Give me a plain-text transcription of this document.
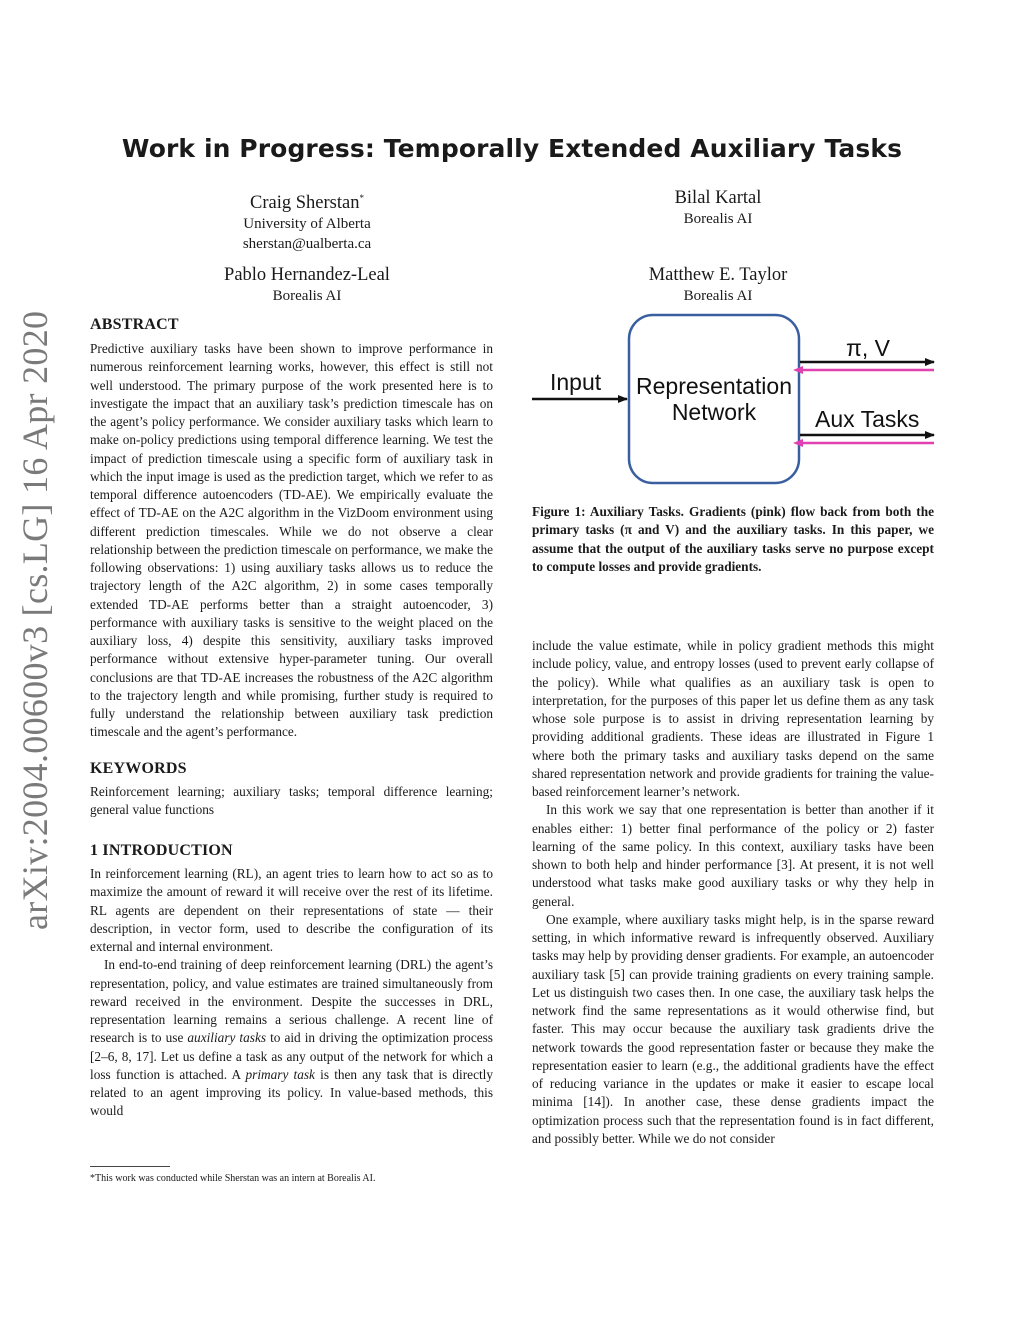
arXiv:2004.00600v3 [cs.LG] 16 Apr 2020
Work in Progress: Temporally Extended Auxiliary Tasks
Craig Sherstan*
University of Alberta
sherstan@ualberta.ca
Bilal Kartal
Borealis AI
Pablo Hernandez-Leal
Borealis AI
Matthew E. Taylor
Borealis AI
ABSTRACT

Predictive auxiliary tasks have been shown to improve performance in numerous reinforcement learning works, however, this effect is still not well understood. The primary purpose of the work presented here is to investigate the impact that an auxiliary task’s prediction timescale has on the agent’s policy performance. We consider auxiliary tasks which learn to make on-policy predictions using temporal difference learning. We test the impact of prediction timescale using a specific form of auxiliary task in which the input image is used as the prediction target, which we refer to as temporal difference autoencoders (TD-AE). We empirically evaluate the effect of TD-AE on the A2C algorithm in the VizDoom environment using different prediction timescales. While we do not observe a clear relationship between the prediction timescale on performance, we make the following observations: 1) using auxiliary tasks allows us to reduce the trajectory length of the A2C algorithm, 2) in some cases temporally extended TD-AE performs better than a straight autoencoder, 3) performance with auxiliary tasks is sensitive to the weight placed on the auxiliary loss, 4) despite this sensitivity, auxiliary tasks improved performance without extensive hyper-parameter tuning. Our overall conclusions are that TD-AE increases the robustness of the A2C algorithm to the trajectory length and while promising, further study is required to fully understand the relationship between auxiliary task prediction timescale and the agent’s performance.

KEYWORDS

Reinforcement learning; auxiliary tasks; temporal difference learning; general value functions

1 INTRODUCTION

In reinforcement learning (RL), an agent tries to learn how to act so as to maximize the amount of reward it will receive over the rest of its lifetime. RL agents are dependent on their representations of state — their description, in vector form, used to describe the configuration of its external and internal environment.

In end-to-end training of deep reinforcement learning (DRL) the agent’s representation, policy, and value estimates are trained simultaneously from reward received in the environment. Despite the successes in DRL, representation learning remains a serious challenge. A recent line of research is to use auxiliary tasks to aid in driving the optimization process [2–6, 8, 17]. Let us define a task as any output of the network for which a loss function is attached. A primary task is then any task that is directly related to an agent improving its policy. In value-based methods, this would

*This work was conducted while Sherstan was an intern at Borealis AI.
Representation
Network
Input
π, V
Aux Tasks
Figure 1: Auxiliary Tasks. Gradients (pink) flow back from both the primary tasks (π and V) and the auxiliary tasks. In this paper, we assume that the output of the auxiliary tasks serve no purpose except to compute losses and provide gradients.

include the value estimate, while in policy gradient methods this might include policy, value, and entropy losses (used to prevent early collapse of the policy). While what qualifies as an auxiliary task is open to interpretation, for the purposes of this paper let us define them as any task whose sole purpose is to assist in driving representation learning by providing additional gradients. These ideas are illustrated in Figure 1 where both the primary tasks and auxiliary tasks depend on the same shared representation network and provide gradients for training the value-based reinforcement learner’s network.

In this work we say that one representation is better than another if it enables either: 1) better final performance of the policy or 2) faster learning of the same policy. In this context, auxiliary tasks have been shown to both help and hinder performance [3]. At present, it is not well understood what tasks make good auxiliary tasks or why they help in general.

One example, where auxiliary tasks might help, is in the sparse reward setting, in which informative reward is infrequently observed. Auxiliary tasks may help by providing denser gradients. For example, an autoencoder auxiliary task [5] can provide training gradients on every training sample. Let us distinguish two cases then. In one case, the auxiliary task helps the network find the same representations as it would otherwise find, but faster. This may occur because the auxiliary task gradients drive the network towards the good representation faster or because they make the representation easier to learn (e.g., the additional gradients have the effect of reducing variance in the updates or make it easier to escape local minima [14]). In another case, these dense gradients impact the optimization process such that the representation found is in fact different, and possibly better. While we do not consider
